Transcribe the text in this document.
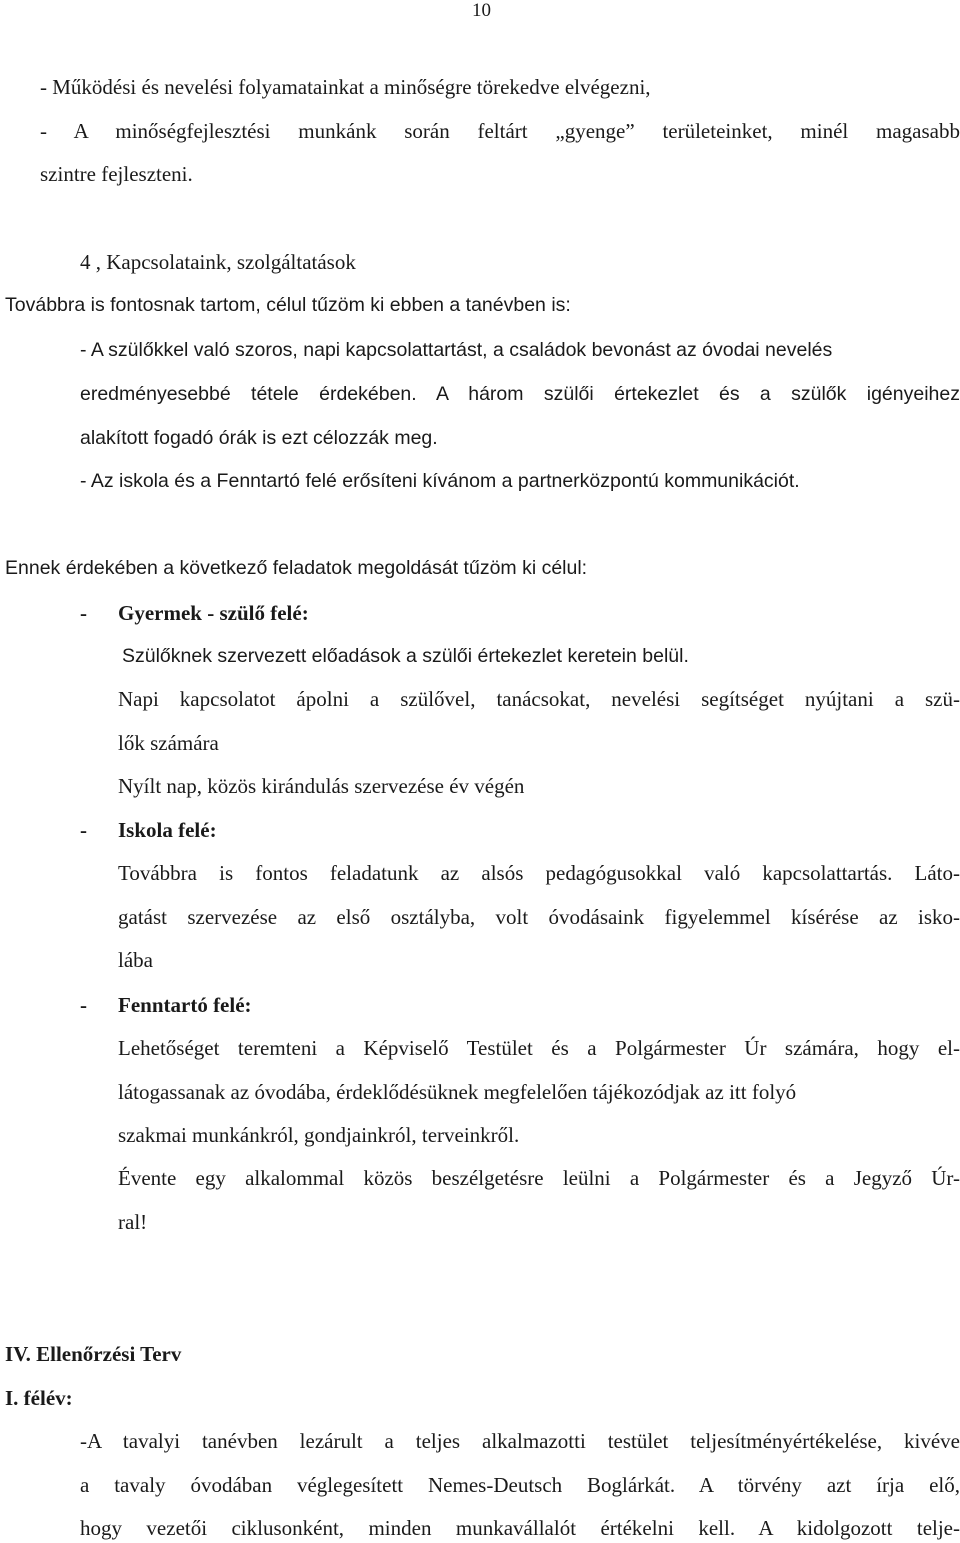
10

- Működési és nevelési folyamatainkat a minőségre törekedve elvégezni,

- A minőségfejlesztési munkánk során feltárt „gyenge” területeinket, minél magasabb

szintre fejleszteni.

4 , Kapcsolataink, szolgáltatások

Továbbra is fontosnak tartom, célul tűzöm ki ebben a tanévben is:

- A szülőkkel való szoros, napi kapcsolattartást, a családok bevonást az óvodai nevelés

eredményesebbé tétele érdekében. A három szülői értekezlet és a szülők igényeihez

alakított fogadó órák is ezt célozzák meg.

- Az iskola és a Fenntartó felé erősíteni kívánom a partnerközpontú kommunikációt.

Ennek érdekében a következő feladatok megoldását tűzöm ki célul:

- Gyermek - szülő felé:

Szülőknek szervezett előadások a szülői értekezlet keretein belül.

Napi kapcsolatot ápolni a szülővel, tanácsokat, nevelési segítséget nyújtani a szü-

lők számára

Nyílt nap, közös kirándulás szervezése év végén

- Iskola felé:

Továbbra is fontos feladatunk az alsós pedagógusokkal való kapcsolattartás. Láto-

gatást szervezése az első osztályba, volt óvodásaink figyelemmel kísérése az isko-

lába

- Fenntartó felé:

Lehetőséget teremteni a Képviselő Testület és a Polgármester Úr számára, hogy el-

látogassanak az óvodába, érdeklődésüknek megfelelően tájékozódjak az itt folyó

szakmai munkánkról, gondjainkról, terveinkről.

Évente egy alkalommal közös beszélgetésre leülni a Polgármester és a Jegyző Úr-

ral!

IV. Ellenőrzési Terv

I. félév:

-A tavalyi tanévben lezárult a teljes alkalmazotti testület teljesítményértékelése, kivéve

a tavaly óvodában véglegesített Nemes-Deutsch Boglárkát. A törvény azt írja elő,

hogy vezetői ciklusonként, minden munkavállalót értékelni kell. A kidolgozott telje-
